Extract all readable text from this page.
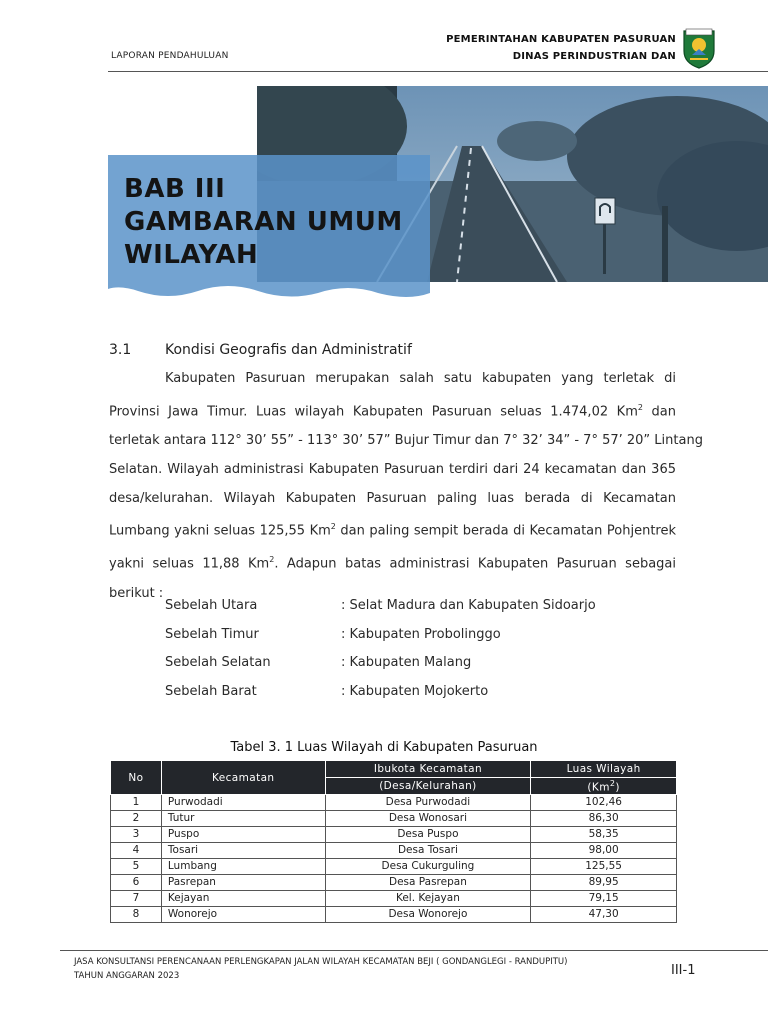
LAPORAN PENDAHULUAN
PEMERINTAHAN KABUPATEN PASURUAN
DINAS PERINDUSTRIAN DAN
BAB III
GAMBARAN UMUM
WILAYAH
3.1 Kondisi Geografis dan Administratif
Kabupaten Pasuruan merupakan salah satu kabupaten yang terletak di
Provinsi Jawa Timur. Luas wilayah Kabupaten Pasuruan seluas 1.474,02 Km$^2$ dan
terletak antara 112° 30’ 55” - 113° 30’ 57” Bujur Timur dan 7° 32’ 34” - 7° 57’ 20” Lintang
Selatan. Wilayah administrasi Kabupaten Pasuruan terdiri dari 24 kecamatan dan 365
desa/kelurahan. Wilayah Kabupaten Pasuruan paling luas berada di Kecamatan
Lumbang yakni seluas 125,55 Km$^2$ dan paling sempit berada di Kecamatan Pohjentrek
yakni seluas 11,88 Km$^2$. Adapun batas administrasi Kabupaten Pasuruan sebagai
berikut :
Sebelah Utara	: Selat Madura dan Kabupaten Sidoarjo
Sebelah Timur	: Kabupaten Probolinggo
Sebelah Selatan	: Kabupaten Malang
Sebelah Barat	: Kabupaten Mojokerto
Tabel 3. 1 Luas Wilayah di Kabupaten Pasuruan
No	Kecamatan	Ibukota Kecamatan	Luas Wilayah
		(Desa/Kelurahan)	(Km$^2$)
1	Purwodadi	Desa Purwodadi	102,46
2	Tutur	Desa Wonosari	86,30
3	Puspo	Desa Puspo	58,35
4	Tosari	Desa Tosari	98,00
5	Lumbang	Desa Cukurguling	125,55
6	Pasrepan	Desa Pasrepan	89,95
7	Kejayan	Kel. Kejayan	79,15
8	Wonorejo	Desa Wonorejo	47,30
JASA KONSULTANSI PERENCANAAN PERLENGKAPAN JALAN WILAYAH KECAMATAN BEJI ( GONDANGLEGI - RANDUPITU)
TAHUN ANGGARAN 2023	III-1
